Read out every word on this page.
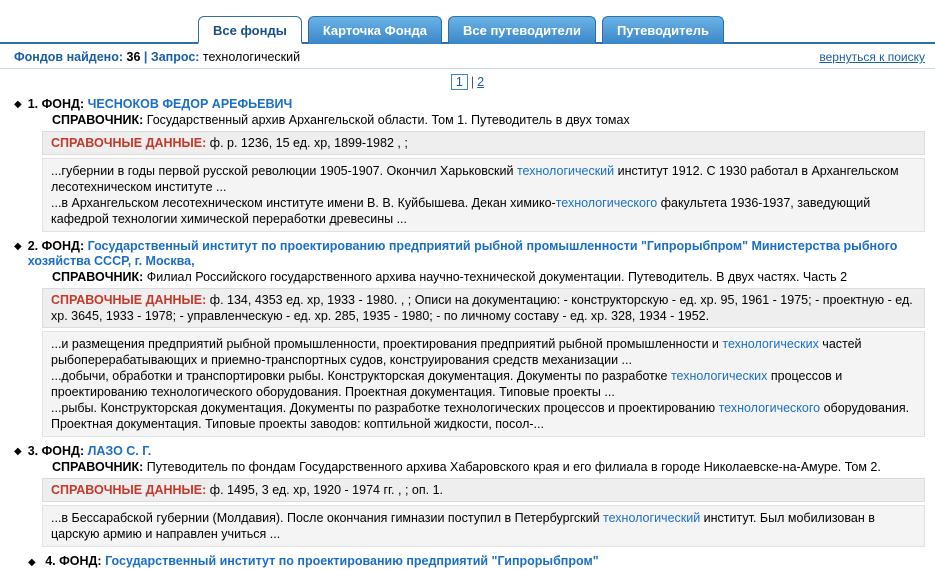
Все фонды	Карточка Фонда	Все путеводители	Путеводитель
Фондов найдено: 36 | Запрос: технологический	вернуться к поиску
1 | 2
◆ 1. ФОНД: ЧЕСНОКОВ ФЕДОР АРЕФЬЕВИЧ
СПРАВОЧНИК: Государственный архив Архангельской области. Том 1. Путеводитель в двух томах
СПРАВОЧНЫЕ ДАННЫЕ: ф. р. 1236, 15 ед. хр, 1899-1982 , ;

...губернии в годы первой русской революции 1905-1907. Окончил Харьковский технологический институт 1912. С 1930 работал в Архангельском лесотехническом институте ...

...в Архангельском лесотехническом институте имени В. В. Куйбышева. Декан химико-технологического факультета 1936-1937, заведующий кафедрой технологии химической переработки древесины ...

◆ 2. ФОНД: Государственный институт по проектированию предприятий рыбной промышленности "Гипрорыбпром" Министерства рыбного хозяйства СССР, г. Москва,
СПРАВОЧНИК: Филиал Российского государственного архива научно-технической документации. Путеводитель. В двух частях. Часть 2
СПРАВОЧНЫЕ ДАННЫЕ: ф. 134, 4353 ед. хр, 1933 - 1980. , ; Описи на документацию: - конструкторскую - ед. хр. 95, 1961 - 1975; - проектную - ед. хр. 3645, 1933 - 1978; - управленческую - ед. хр. 285, 1935 - 1980; - по личному составу - ед. хр. 328, 1934 - 1952.

...и размещения предприятий рыбной промышленности, проектирования предприятий рыбной промышленности и технологических частей рыбоперерабатывающих и приемно-транспортных судов, конструирования средств механизации ...

...добычи, обработки и транспортировки рыбы. Конструкторская документация. Документы по разработке технологических процессов и проектированию технологического оборудования. Проектная документация. Типовые проекты ...

...рыбы. Конструкторская документация. Документы по разработке технологических процессов и проектированию технологического оборудования. Проектная документация. Типовые проекты заводов: коптильной жидкости, посол-...

◆ 3. ФОНД: ЛАЗО С. Г.
СПРАВОЧНИК: Путеводитель по фондам Государственного архива Хабаровского края и его филиала в городе Николаевске-на-Амуре. Том 2.
СПРАВОЧНЫЕ ДАННЫЕ: ф. 1495, 3 ед. хр, 1920 - 1974 гг. , ; оп. 1.

...в Бессарабской губернии (Молдавия). После окончания гимназии поступил в Петербургский технологический институт. Был мобилизован в царскую армию и направлен учиться ...

◆ 4. ФОНД: Государственный институт по проектированию предприятий "Гипрорыбпром"
